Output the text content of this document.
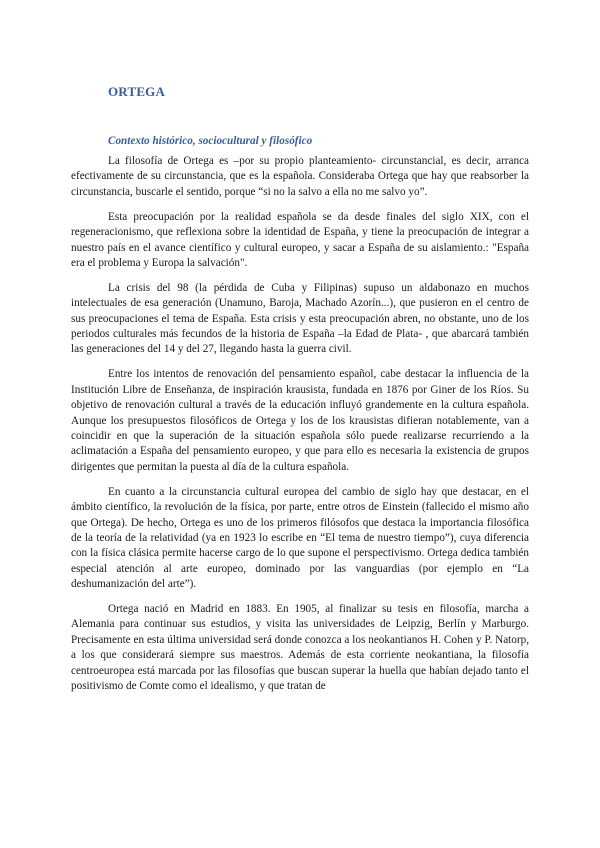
ORTEGA
Contexto histórico, sociocultural y filosófico

La filosofía de Ortega es –por su propio planteamiento- circunstancial, es decir, arranca efectivamente de su circunstancia, que es la española. Consideraba Ortega que hay que reabsorber la circunstancia, buscarle el sentido, porque “si no la salvo a ella no me salvo yo”.

Esta preocupación por la realidad española se da desde finales del siglo XIX, con el regeneracionismo, que reflexiona sobre la identidad de España, y tiene la preocupación de integrar a nuestro país en el avance científico y cultural europeo, y sacar a España de su aislamiento.: "España era el problema y Europa la salvación".

La crisis del 98 (la pérdida de Cuba y Filipinas) supuso un aldabonazo en muchos intelectuales de esa generación (Unamuno, Baroja, Machado Azorín...), que pusieron en el centro de sus preocupaciones el tema de España. Esta crisis y esta preocupación abren, no obstante, uno de los periodos culturales más fecundos de la historia de España –la Edad de Plata- , que abarcará también las generaciones del 14 y del 27, llegando hasta la guerra civil.

Entre los intentos de renovación del pensamiento español, cabe destacar la influencia de la Institución Libre de Enseñanza, de inspiración krausista, fundada en 1876 por Giner de los Ríos. Su objetivo de renovación cultural a través de la educación influyó grandemente en la cultura española. Aunque los presupuestos filosóficos de Ortega y los de los krausistas difieran notablemente, van a coincidir en que la superación de la situación española sólo puede realizarse recurriendo a la aclimatación a España del pensamiento europeo, y que para ello es necesaria la existencia de grupos dirigentes que permitan la puesta al día de la cultura española.

En cuanto a la circunstancia cultural europea del cambio de siglo hay que destacar, en el ámbito científico, la revolución de la física, por parte, entre otros de Einstein (fallecido el mismo año que Ortega). De hecho, Ortega es uno de los primeros filósofos que destaca la importancia filosófica de la teoría de la relatividad (ya en 1923 lo escribe en “El tema de nuestro tiempo”), cuya diferencia con la física clásica permite hacerse cargo de lo que supone el perspectivismo. Ortega dedica también especial atención al arte europeo, dominado por las vanguardias (por ejemplo en “La deshumanización del arte”).

Ortega nació en Madrid en 1883. En 1905, al finalizar su tesis en filosofía, marcha a Alemania para continuar sus estudios, y visita las universidades de Leipzig, Berlín y Marburgo. Precisamente en esta última universidad será donde conozca a los neokantianos H. Cohen y P. Natorp, a los que considerará siempre sus maestros. Además de esta corriente neokantiana, la filosofía centroeuropea está marcada por las filosofías que buscan superar la huella que habían dejado tanto el positivismo de Comte como el idealismo, y que tratan de
